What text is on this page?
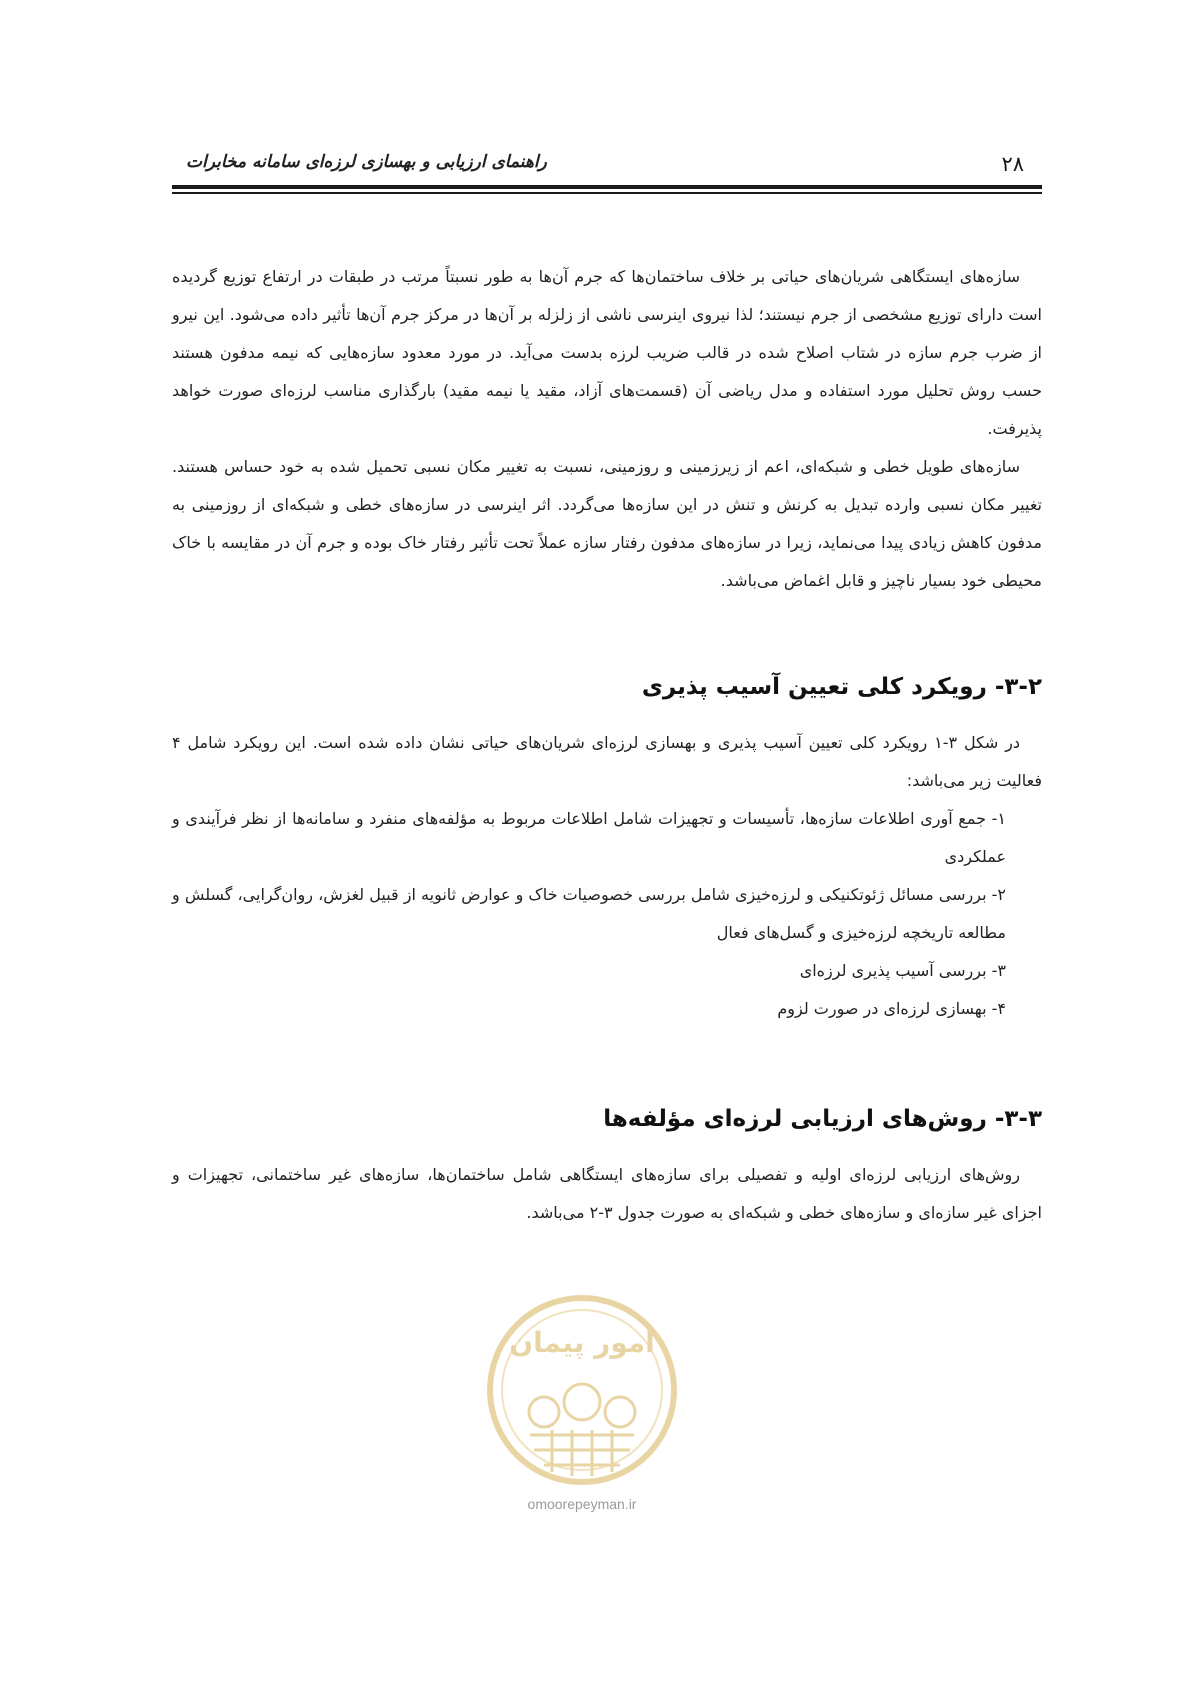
۲۸
راهنمای ارزیابی و بهسازی لرزه‌ای سامانه مخابرات

سازه‌های ایستگاهی شریان‌های حیاتی بر خلاف ساختمان‌ها که جرم آن‌ها به طور نسبتاً مرتب در طبقات در ارتفاع توزیع گردیده است دارای توزیع مشخصی از جرم نیستند؛ لذا نیروی اینرسی ناشی از زلزله بر آن‌ها در مرکز جرم آن‌ها تأثیر داده می‌شود. این نیرو از ضرب جرم سازه در شتاب اصلاح شده در قالب ضریب لرزه بدست می‌آید. در مورد معدود سازه‌هایی که نیمه مدفون هستند حسب روش تحلیل مورد استفاده و مدل ریاضی آن (قسمت‌های آزاد، مقید یا نیمه مقید) بارگذاری مناسب لرزه‌ای صورت خواهد پذیرفت.

سازه‌های طویل خطی و شبکه‌ای، اعم از زیرزمینی و روزمینی، نسبت به تغییر مکان نسبی تحمیل شده به خود حساس هستند. تغییر مکان نسبی وارده تبدیل به کرنش و تنش در این سازه‌ها می‌گردد. اثر اینرسی در سازه‌های خطی و شبکه‌ای از روزمینی به مدفون کاهش زیادی پیدا می‌نماید، زیرا در سازه‌های مدفون رفتار سازه عملاً تحت تأثیر رفتار خاک بوده و جرم آن در مقایسه با خاک محیطی خود بسیار ناچیز و قابل اغماض می‌باشد.

۳-۲- رویکرد کلی تعیین آسیب پذیری

در شکل ۳-۱ رویکرد کلی تعیین آسیب پذیری و بهسازی لرزه‌ای شریان‌های حیاتی نشان داده شده است. این رویکرد شامل ۴ فعالیت زیر می‌باشد:

۱- جمع آوری اطلاعات سازه‌ها، تأسیسات و تجهیزات شامل اطلاعات مربوط به مؤلفه‌های منفرد و سامانه‌ها از نظر فرآیندی و عملکردی

۲- بررسی مسائل ژئوتکنیکی و لرزه‌خیزی شامل بررسی خصوصیات خاک و عوارض ثانویه از قبیل لغزش، روان‌گرایی، گسلش و مطالعه تاریخچه لرزه‌خیزی و گسل‌های فعال

۳- بررسی آسیب پذیری لرزه‌ای

۴- بهسازی لرزه‌ای در صورت لزوم

۳-۳- روش‌های ارزیابی لرزه‌ای مؤلفه‌ها

روش‌های ارزیابی لرزه‌ای اولیه و تفصیلی برای سازه‌های ایستگاهی شامل ساختمان‌ها، سازه‌های غیر ساختمانی، تجهیزات و اجزای غیر سازه‌ای و سازه‌های خطی و شبکه‌ای به صورت جدول ۳-۲ می‌باشد.

امور پیمان
omoorepeyman.ir
